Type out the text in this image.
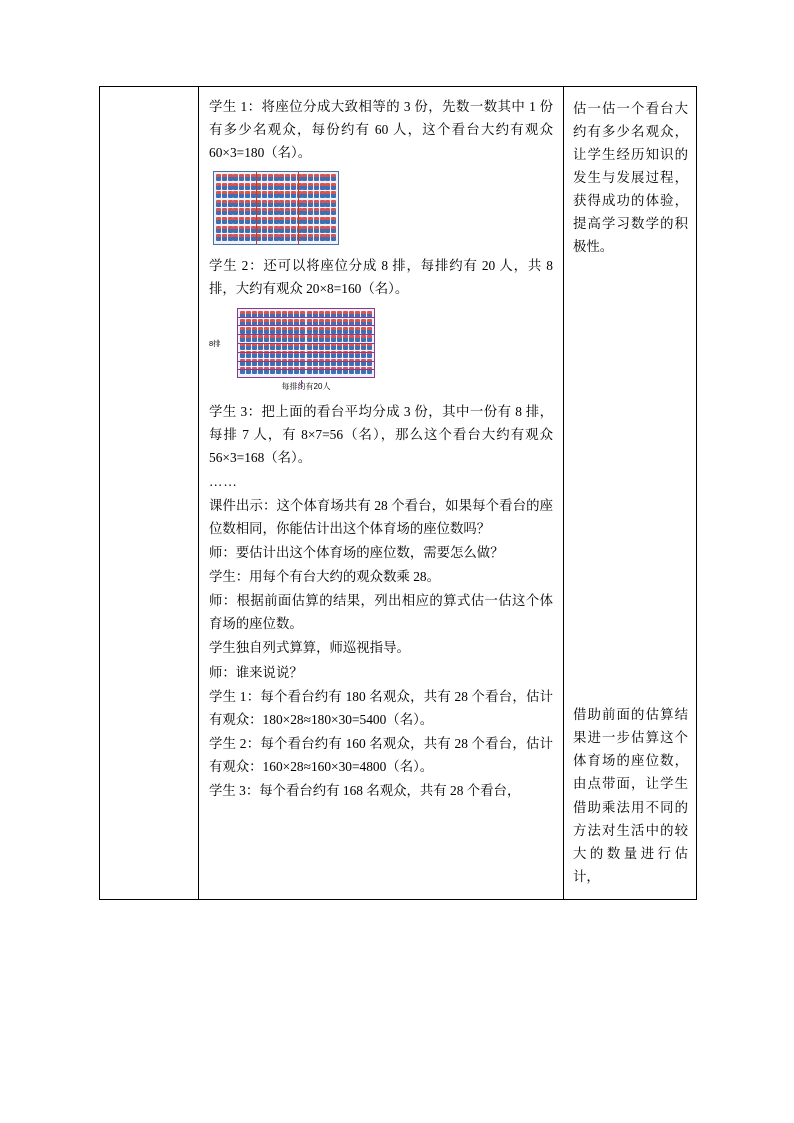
学生 1：将座位分成大致相等的 3 份，先数一数其中 1 份有多少名观众，每份约有 60 人，这个看台大约有观众 60×3=180（名）。

学生 2：还可以将座位分成 8 排，每排约有 20 人，共 8 排，大约有观众 20×8=160（名）。

8排
每排约有20人

学生 3：把上面的看台平均分成 3 份，其中一份有 8 排，每排 7 人，有 8×7=56（名），那么这个看台大约有观众 56×3=168（名）。

……

课件出示：这个体育场共有 28 个看台，如果每个看台的座位数相同，你能估计出这个体育场的座位数吗？

师：要估计出这个体育场的座位数，需要怎么做？

学生：用每个有台大约的观众数乘 28。

师：根据前面估算的结果，列出相应的算式估一估这个体育场的座位数。

学生独自列式算算，师巡视指导。

师：谁来说说？

学生 1：每个看台约有 180 名观众，共有 28 个看台，估计有观众：180×28≈180×30=5400（名）。

学生 2：每个看台约有 160 名观众，共有 28 个看台，估计有观众：160×28≈160×30=4800（名）。

学生 3：每个看台约有 168 名观众，共有 28 个看台，

估一估一个看台大约有多少名观众，让学生经历知识的发生与发展过程，获得成功的体验，提高学习数学的积极性。

借助前面的估算结果进一步估算这个体育场的座位数，由点带面，让学生借助乘法用不同的方法对生活中的较大的数量进行估计，
